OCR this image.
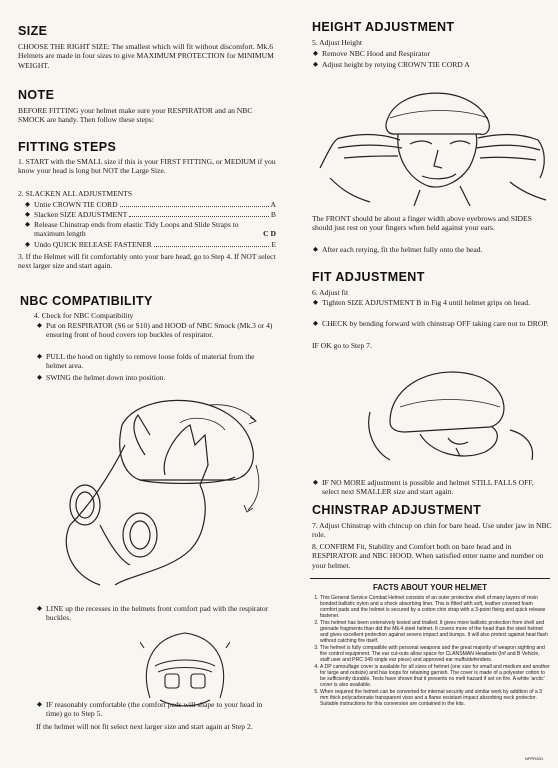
SIZE

CHOOSE THE RIGHT SIZE: The smallest which will fit without discomfort. Mk.6 Helmets are made in four sizes to give MAXIMUM PROTECTION for MINIMUM WEIGHT.

NOTE

BEFORE FITTING your helmet make sure your RESPIRATOR and an NBC SMOCK are handy. Then follow these steps:

FITTING STEPS

1. START with the SMALL size if this is your FIRST FITTING, or MEDIUM if you know your head is long but NOT the Large Size.

2. SLACKEN ALL ADJUSTMENTS

◆ Untie CROWN TIE CORD	A
◆ Slacken SIZE ADJUSTMENT	B
◆ Release Chinstrap ends from elastic Tidy Loops and Slide Straps to maximum length	C D
◆ Undo QUICK RELEASE FASTENER	E

3. If the Helmet will fit comfortably onto your bare head, go to Step 4. If NOT select next larger size and start again.

NBC COMPATIBILITY

4. Check for NBC Compatibility

◆ Put on RESPIRATOR (S6 or S10) and HOOD of NBC Smock (Mk.3 or 4) ensuring front of hood covers top buckles of respirator.

◆ PULL the hood on tightly to remove loose folds of material from the helmet area.

◆ SWING the helmet down into position.

◆ LINE up the recesses in the helmets front comfort pad with the respirator buckles.

◆ IF reasonably comfortable (the comfort pads will shape to your head in time) go to Step 5.

If the helmet will not fit select next larger size and start again at Step 2.

HEIGHT ADJUSTMENT

5. Adjust Height

◆ Remove NBC Hood and Respirator

◆ Adjust height by retying CROWN TIE CORD A

The FRONT should be about a finger width above eyebrows and SIDES should just rest on your fingers when held against your ears.

◆ After each retying, fit the helmet fully onto the head.

FIT ADJUSTMENT

6. Adjust fit

◆ Tighten SIZE ADJUSTMENT B in Fig 4 until helmet grips on head.

◆ CHECK by bending forward with chinstrap OFF taking care not to DROP.

IF OK go to Step 7.

◆ IF NO MORE adjustment is possible and helmet STILL FALLS OFF, select next SMALLER size and start again.

CHINSTRAP ADJUSTMENT

7. Adjust Chinstrap with chincup on chin for bare head. Use under jaw in NBC role.

8. CONFIRM Fit, Stability and Comfort both on bare head and in RESPIRATOR and NBC HOOD. When satisfied enter name and number on your helmet.

FACTS ABOUT YOUR HELMET
1. This General Service Combat Helmet consists of an outer protective shell of many layers of resin bonded ballistic nylon and a shock absorbing liner. This is fitted with soft, leather covered foam comfort pads and the helmet is secured by a cotton chin strap with a 3-point fixing and quick release fastener.
2. This helmet has been extensively tested and trialled. It gives more ballistic protection from shell and grenade fragments than did the Mk.4 steel helmet. It covers more of the head than the steel helmet and gives excellent protection against severe impact and bumps. It will also protect against heat flash without catching fire itself.
3. The helmet is fully compatible with personal weapons and the great majority of weapon sighting and fire control equipment. The ear cut-outs allow space for CLANSMAN Headsets (Inf and B Vehicle, staff user and PRC 349 single ear piece) and approved ear muffs/defenders.
4. A DP camouflage cover is available for all sizes of helmet (one size for small and medium and another for large and outsize) and has loops for retaining garnish. The cover is made of a polyester cotton to be sufficiently durable. Tests have shown that it presents no melt hazard if set on fire. A white 'arctic' cover is also available.
5. When required the helmet can be converted for internal security and similar work by addition of a 3 mm thick polycarbonate transparent visor and a flame resistant impact absorbing neck protector. Suitable instructions for this conversion are contained in the kits.
NPPR2B1
